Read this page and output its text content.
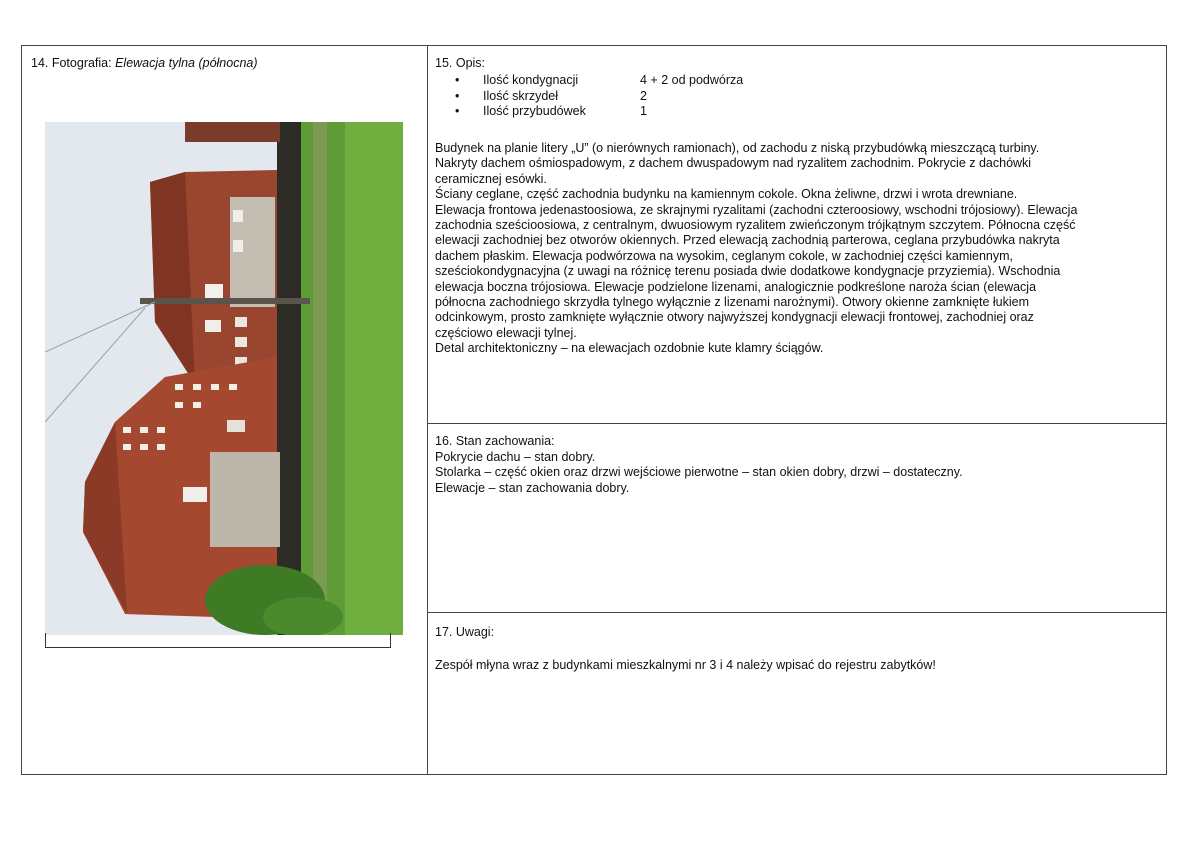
14. Fotografia: Elewacja tylna (północna)	15. Opis:
• Ilość kondygnacji	4 + 2 od podwórza
• Ilość skrzydeł	2
• Ilość przybudówek	1
Budynek na planie litery „U” (o nierównych ramionach), od zachodu z niską przybudówką mieszczącą turbiny.
Nakryty dachem ośmiospadowym, z dachem dwuspadowym nad ryzalitem zachodnim. Pokrycie z dachówki
ceramicznej esówki.
Ściany ceglane, część zachodnia budynku na kamiennym cokole. Okna żeliwne, drzwi i wrota drewniane.
Elewacja frontowa jedenastoosiowa, ze skrajnymi ryzalitami (zachodni czteroosiowy, wschodni trójosiowy). Elewacja
zachodnia sześcioosiowa, z centralnym, dwuosiowym ryzalitem zwieńczonym trójkątnym szczytem. Północna część
elewacji zachodniej bez otworów okiennych. Przed elewacją zachodnią parterowa, ceglana przybudówka nakryta
dachem płaskim. Elewacja podwórzowa na wysokim, ceglanym cokole, w zachodniej części kamiennym,
sześciokondygnacyjna (z uwagi na różnicę terenu posiada dwie dodatkowe kondygnacje przyziemia). Wschodnia
elewacja boczna trójosiowa. Elewacje podzielone lizenami, analogicznie podkreślone naroża ścian (elewacja
północna zachodniego skrzydła tylnego wyłącznie z lizenami narożnymi). Otwory okienne zamknięte łukiem
odcinkowym, prosto zamknięte wyłącznie otwory najwyższej kondygnacji elewacji frontowej, zachodniej oraz
częściowo elewacji tylnej.
Detal architektoniczny – na elewacjach ozdobnie kute klamry ściągów.
16. Stan zachowania:
Pokrycie dachu – stan dobry.
Stolarka – część okien oraz drzwi wejściowe pierwotne – stan okien dobry, drzwi – dostateczny.
Elewacje – stan zachowania dobry.
17. Uwagi:
Zespół młyna wraz z budynkami mieszkalnymi nr 3 i 4 należy wpisać do rejestru zabytków!
